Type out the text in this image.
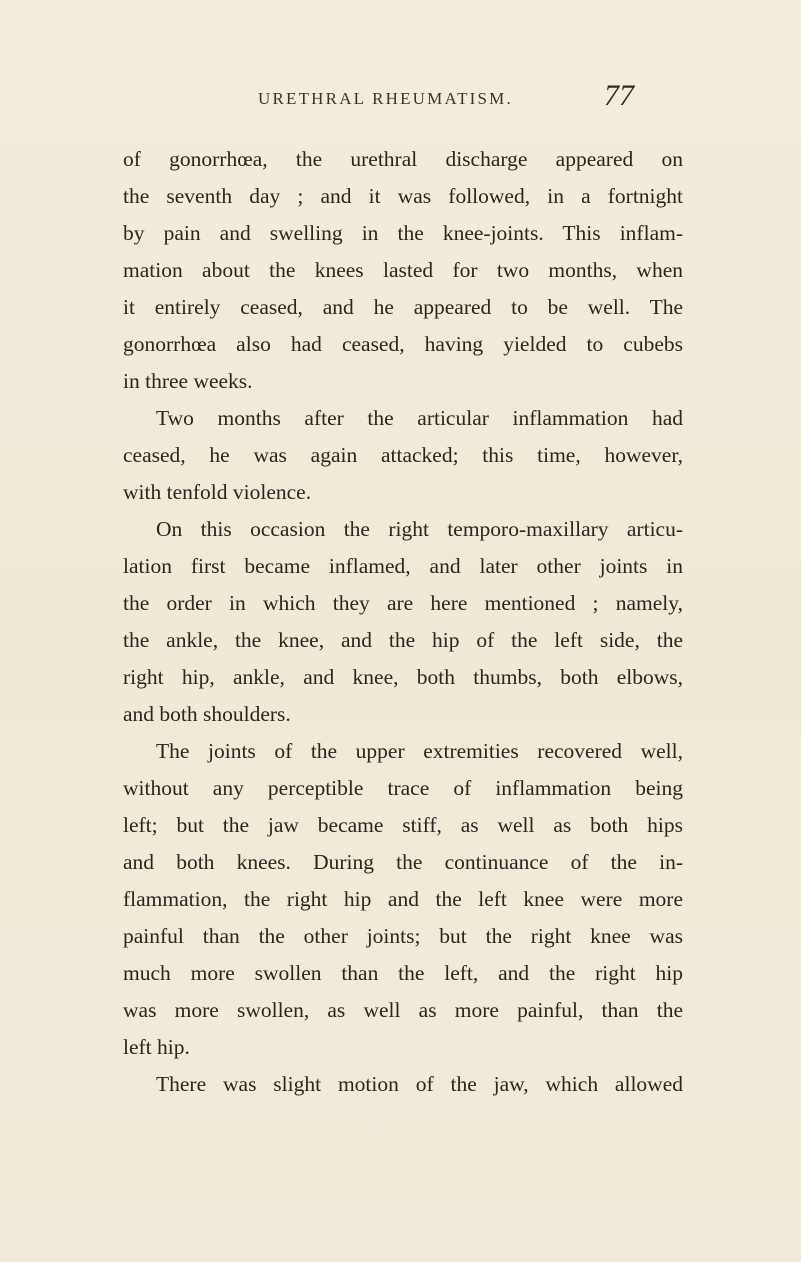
URETHRAL RHEUMATISM.	77
of gonorrhœa, the urethral discharge appeared on
the seventh day ; and it was followed, in a fortnight
by pain and swelling in the knee-joints. This inflam-
mation about the knees lasted for two months, when
it entirely ceased, and he appeared to be well. The
gonorrhœa also had ceased, having yielded to cubebs
in three weeks.
Two months after the articular inflammation had
ceased, he was again attacked; this time, however,
with tenfold violence.
On this occasion the right temporo-maxillary articu-
lation first became inflamed, and later other joints in
the order in which they are here mentioned ; namely,
the ankle, the knee, and the hip of the left side, the
right hip, ankle, and knee, both thumbs, both elbows,
and both shoulders.
The joints of the upper extremities recovered well,
without any perceptible trace of inflammation being
left; but the jaw became stiff, as well as both hips
and both knees. During the continuance of the in-
flammation, the right hip and the left knee were more
painful than the other joints; but the right knee was
much more swollen than the left, and the right hip
was more swollen, as well as more painful, than the
left hip.
There was slight motion of the jaw, which allowed
